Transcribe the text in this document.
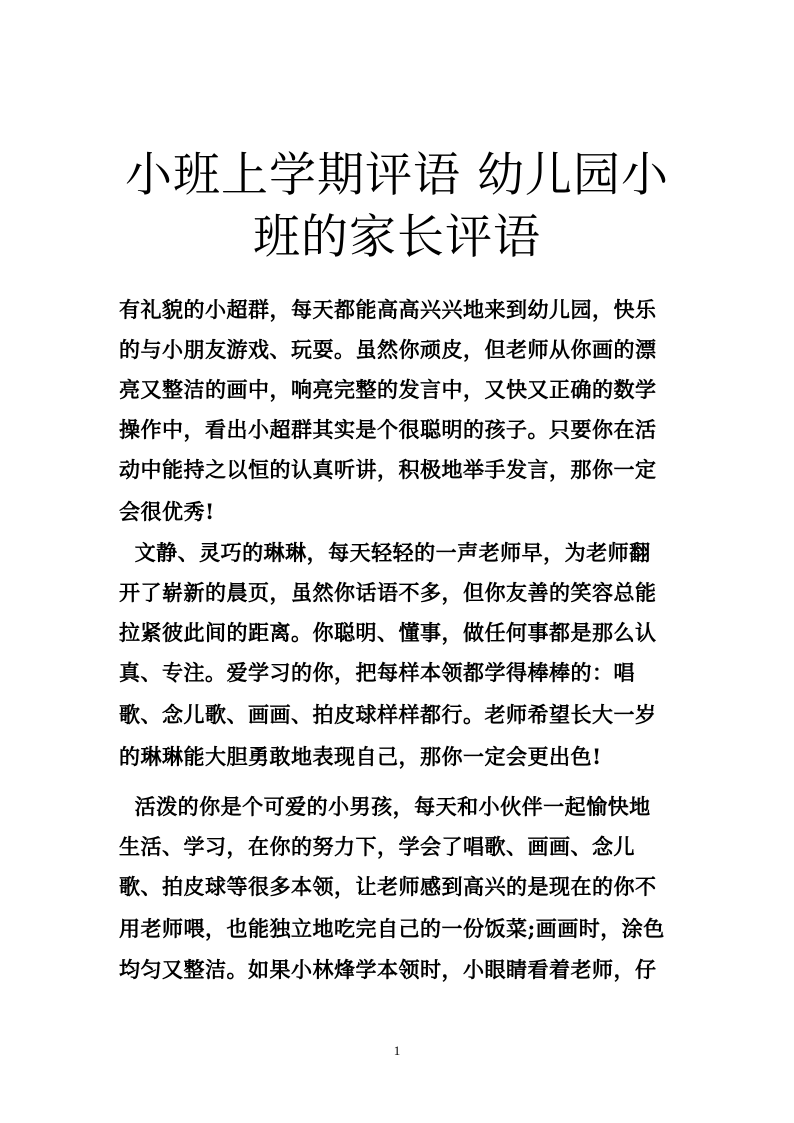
小班上学期评语 幼儿园小
班的家长评语
有礼貌的小超群，每天都能高高兴兴地来到幼儿园，快乐
的与小朋友游戏、玩耍。虽然你顽皮，但老师从你画的漂
亮又整洁的画中，响亮完整的发言中，又快又正确的数学
操作中，看出小超群其实是个很聪明的孩子。只要你在活
动中能持之以恒的认真听讲，积极地举手发言，那你一定
会很优秀!
文静、灵巧的琳琳，每天轻轻的一声老师早，为老师翻
开了崭新的晨页，虽然你话语不多，但你友善的笑容总能
拉紧彼此间的距离。你聪明、懂事，做任何事都是那么认
真、专注。爱学习的你，把每样本领都学得棒棒的：唱
歌、念儿歌、画画、拍皮球样样都行。老师希望长大一岁
的琳琳能大胆勇敢地表现自己，那你一定会更出色!
活泼的你是个可爱的小男孩，每天和小伙伴一起愉快地
生活、学习，在你的努力下，学会了唱歌、画画、念儿
歌、拍皮球等很多本领，让老师感到高兴的是现在的你不
用老师喂，也能独立地吃完自己的一份饭菜;画画时，涂色
均匀又整洁。如果小林烽学本领时，小眼睛看着老师，仔
1
